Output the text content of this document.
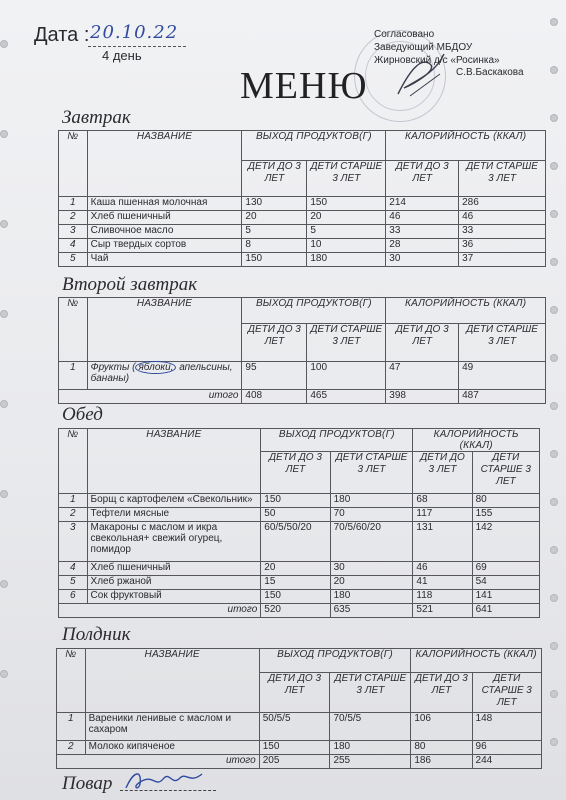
Дата : 20.10.22
4 день
Согласовано
Заведующий МБДОУ
Жирновский д/с «Росинка»
С.В.Баскакова
МЕНЮ
Завтрак
№	НАЗВАНИЕ	ВЫХОД ПРОДУКТОВ(Г)		КАЛОРИЙНОСТЬ (ККАЛ)	
		ДЕТИ ДО 3 ЛЕТ	ДЕТИ СТАРШЕ 3 ЛЕТ	ДЕТИ ДО 3 ЛЕТ	ДЕТИ СТАРШЕ 3 ЛЕТ
1	Каша пшенная молочная	130	150	214	286
2	Хлеб пшеничный	20	20	46	46
3	Сливочное масло	5	5	33	33
4	Сыр твердых сортов	8	10	28	36
5	Чай	150	180	30	37
Второй завтрак
№	НАЗВАНИЕ	ВЫХОД ПРОДУКТОВ(Г)		КАЛОРИЙНОСТЬ (ККАЛ)	
		ДЕТИ ДО 3 ЛЕТ	ДЕТИ СТАРШЕ 3 ЛЕТ	ДЕТИ ДО 3 ЛЕТ	ДЕТИ СТАРШЕ 3 ЛЕТ
1	Фрукты ( яблоки, апельсины, бананы)	95	100	47	49
итого		408	465	398	487
Обед
№	НАЗВАНИЕ	ВЫХОД ПРОДУКТОВ(Г)		КАЛОРИЙНОСТЬ (ККАЛ)	
		ДЕТИ ДО 3 ЛЕТ	ДЕТИ СТАРШЕ 3 ЛЕТ	ДЕТИ ДО 3 ЛЕТ	ДЕТИ СТАРШЕ 3 ЛЕТ
1	Борщ с картофелем «Свекольник»	150	180	68	80
2	Тефтели мясные	50	70	117	155
3	Макароны с маслом и икра свекольная+ свежий огурец, помидор	60/5/50/20	70/5/60/20	131	142
4	Хлеб пшеничный	20	30	46	69
5	Хлеб ржаной	15	20	41	54
6	Сок фруктовый	150	180	118	141
итого		520	635	521	641
Полдник
№	НАЗВАНИЕ	ВЫХОД ПРОДУКТОВ(Г)		КАЛОРИЙНОСТЬ (ККАЛ)	
		ДЕТИ ДО 3 ЛЕТ	ДЕТИ СТАРШЕ 3 ЛЕТ	ДЕТИ ДО 3 ЛЕТ	ДЕТИ СТАРШЕ 3 ЛЕТ
1	Вареники ленивые с маслом и сахаром	50/5/5	70/5/5	106	148
2	Молоко кипяченое	150	180	80	96
итого		205	255	186	244
Повар
